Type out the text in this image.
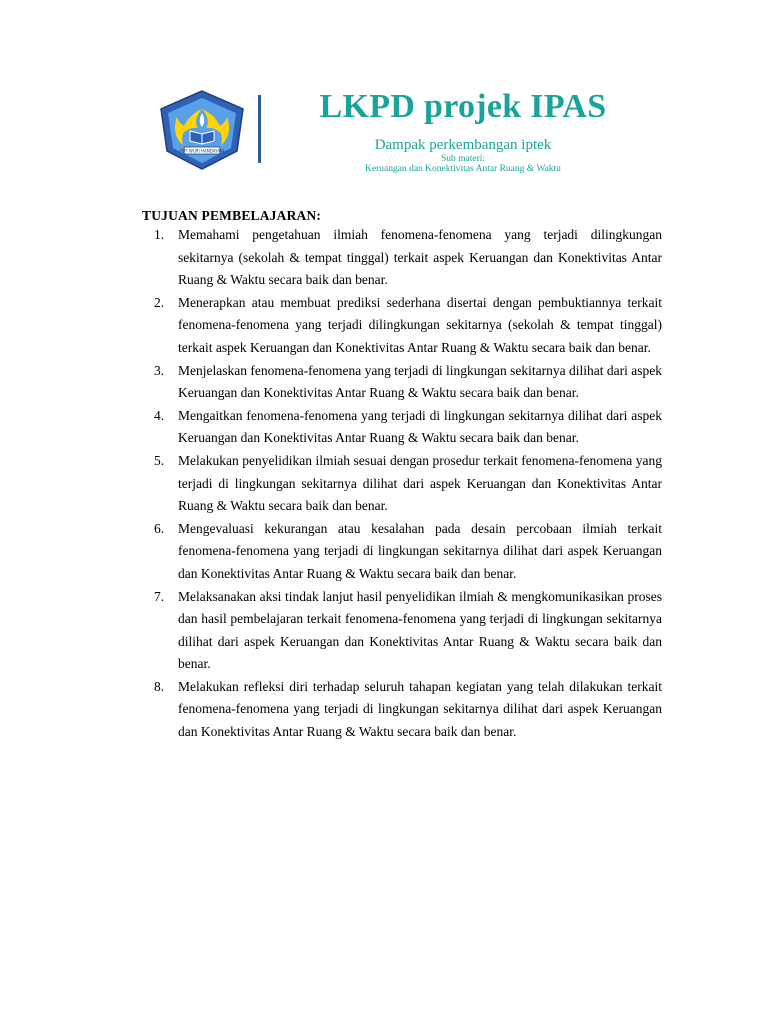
TUT WURI HANDAYANI
LKPD projek IPAS
Dampak perkembangan iptek
Sub materi:
Keruangan dan Konektivitas Antar Ruang & Waktu
TUJUAN PEMBELAJARAN:
1. Memahami pengetahuan ilmiah fenomena-fenomena yang terjadi dilingkungan sekitarnya (sekolah & tempat tinggal) terkait aspek Keruangan dan Konektivitas Antar Ruang & Waktu secara baik dan benar.
2. Menerapkan atau membuat prediksi sederhana disertai dengan pembuktiannya terkait fenomena-fenomena yang terjadi dilingkungan sekitarnya (sekolah & tempat tinggal) terkait aspek Keruangan dan Konektivitas Antar Ruang & Waktu secara baik dan benar.
3. Menjelaskan fenomena-fenomena yang terjadi di lingkungan sekitarnya dilihat dari aspek Keruangan dan Konektivitas Antar Ruang & Waktu secara baik dan benar.
4. Mengaitkan fenomena-fenomena yang terjadi di lingkungan sekitarnya dilihat dari aspek Keruangan dan Konektivitas Antar Ruang & Waktu secara baik dan benar.
5. Melakukan penyelidikan ilmiah sesuai dengan prosedur terkait fenomena-fenomena yang terjadi di lingkungan sekitarnya dilihat dari aspek Keruangan dan Konektivitas Antar Ruang & Waktu secara baik dan benar.
6. Mengevaluasi kekurangan atau kesalahan pada desain percobaan ilmiah terkait fenomena-fenomena yang terjadi di lingkungan sekitarnya dilihat dari aspek Keruangan dan Konektivitas Antar Ruang & Waktu secara baik dan benar.
7. Melaksanakan aksi tindak lanjut hasil penyelidikan ilmiah & mengkomunikasikan proses dan hasil pembelajaran terkait fenomena-fenomena yang terjadi di lingkungan sekitarnya dilihat dari aspek Keruangan dan Konektivitas Antar Ruang & Waktu secara baik dan benar.
8. Melakukan refleksi diri terhadap seluruh tahapan kegiatan yang telah dilakukan terkait fenomena-fenomena yang terjadi di lingkungan sekitarnya dilihat dari aspek Keruangan dan Konektivitas Antar Ruang & Waktu secara baik dan benar.
